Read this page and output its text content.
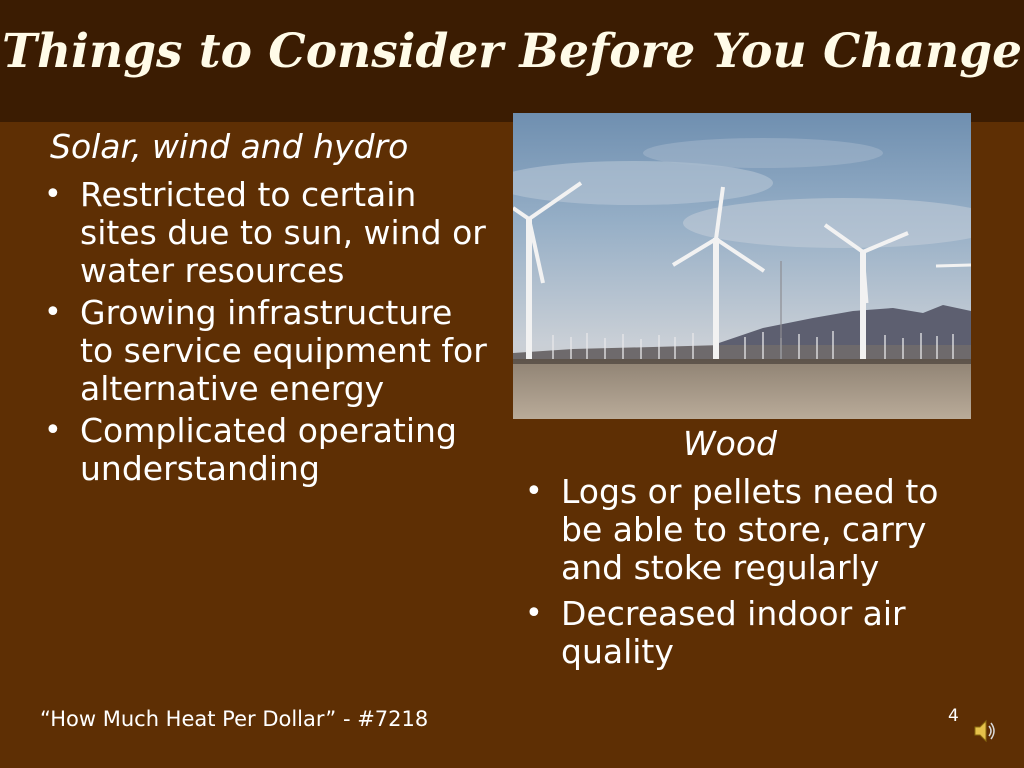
Things to Consider Before You Change
Solar, wind and hydro
• Restricted to certain sites due to sun, wind or water resources
• Growing infrastructure to service equipment for alternative energy
• Complicated operating understanding
Wood
• Logs or pellets need to be able to store, carry and stoke regularly
• Decreased indoor air quality
“How Much Heat Per Dollar” - #7218	4
